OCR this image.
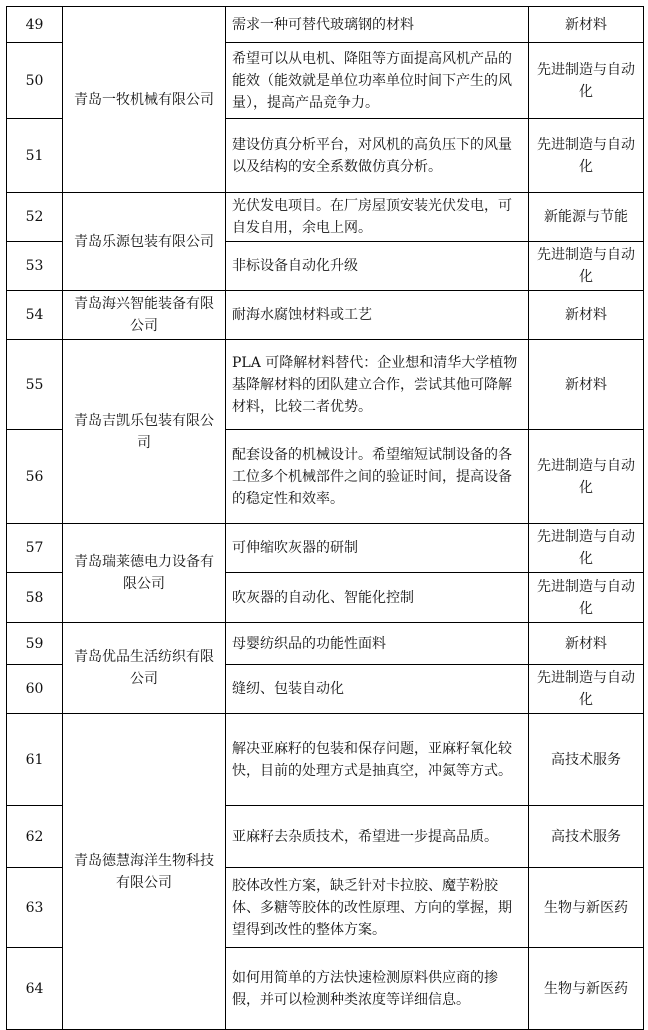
49	青岛一牧机械有限公司	需求一种可替代玻璃钢的材料	新材料
50		希望可以从电机、降阻等方面提高风机产品的能效（能效就是单位功率单位时间下产生的风量），提高产品竞争力。	先进制造与自动化
51		建设仿真分析平台，对风机的高负压下的风量以及结构的安全系数做仿真分析。	先进制造与自动化
52	青岛乐源包装有限公司	光伏发电项目。在厂房屋顶安装光伏发电，可自发自用，余电上网。	新能源与节能
53		非标设备自动化升级	先进制造与自动化
54	青岛海兴智能装备有限公司	耐海水腐蚀材料或工艺	新材料
55	青岛吉凯乐包装有限公司	PLA 可降解材料替代：企业想和清华大学植物基降解材料的团队建立合作，尝试其他可降解材料，比较二者优势。	新材料
56		配套设备的机械设计。希望缩短试制设备的各工位多个机械部件之间的验证时间，提高设备的稳定性和效率。	先进制造与自动化
57	青岛瑞莱德电力设备有限公司	可伸缩吹灰器的研制	先进制造与自动化
58		吹灰器的自动化、智能化控制	先进制造与自动化
59	青岛优品生活纺织有限公司	母婴纺织品的功能性面料	新材料
60		缝纫、包装自动化	先进制造与自动化
61	青岛德慧海洋生物科技有限公司	解决亚麻籽的包装和保存问题，亚麻籽氧化较快，目前的处理方式是抽真空，冲氮等方式。	高技术服务
62		亚麻籽去杂质技术，希望进一步提高品质。	高技术服务
63		胶体改性方案，缺乏针对卡拉胶、魔芋粉胶体、多糖等胶体的改性原理、方向的掌握，期望得到改性的整体方案。	生物与新医药
64		如何用简单的方法快速检测原料供应商的掺假，并可以检测种类浓度等详细信息。	生物与新医药
